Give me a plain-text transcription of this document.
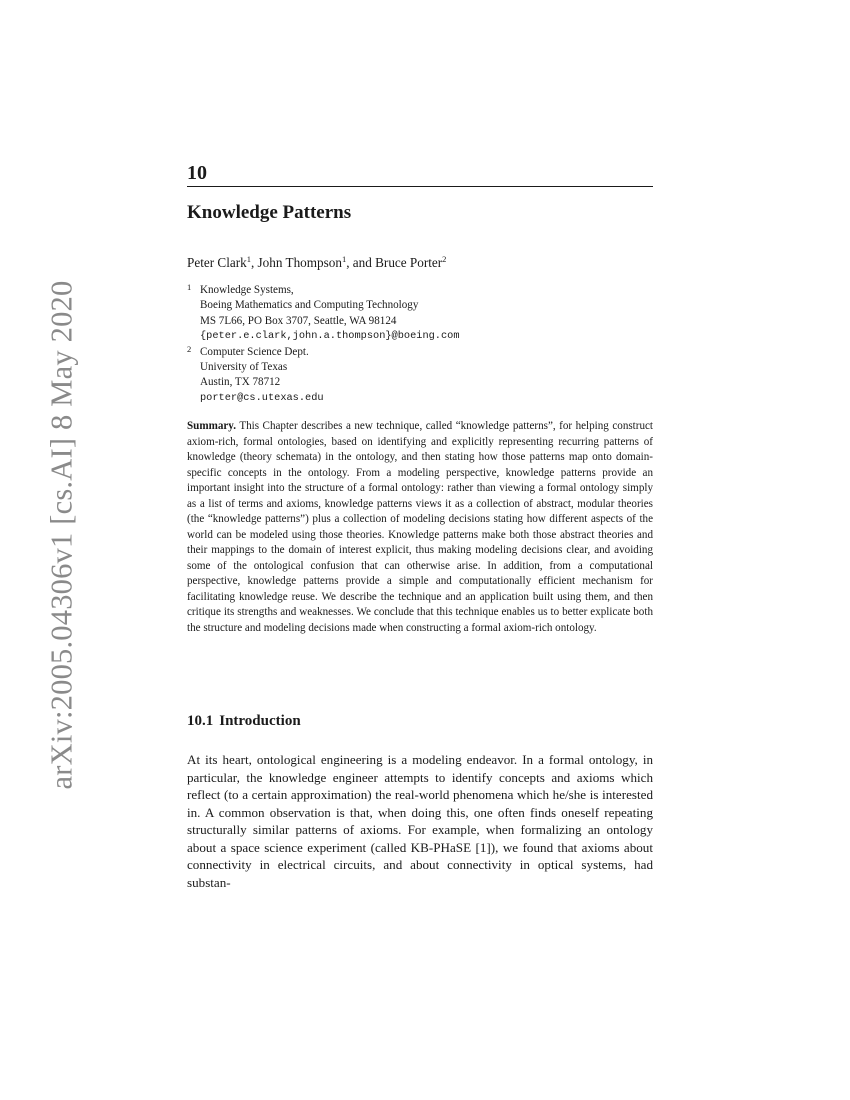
arXiv:2005.04306v1 [cs.AI] 8 May 2020
10
Knowledge Patterns
Peter Clark$^1$, John Thompson$^1$, and Bruce Porter$^2$
1 Knowledge Systems,
Boeing Mathematics and Computing Technology
MS 7L66, PO Box 3707, Seattle, WA 98124
{peter.e.clark,john.a.thompson}@boeing.com
2 Computer Science Dept.
University of Texas
Austin, TX 78712
porter@cs.utexas.edu
Summary. This Chapter describes a new technique, called “knowledge patterns”, for helping construct axiom-rich, formal ontologies, based on identifying and explicitly representing recurring patterns of knowledge (theory schemata) in the ontology, and then stating how those patterns map onto domain-specific concepts in the ontology. From a modeling perspective, knowledge patterns provide an important insight into the structure of a formal ontology: rather than viewing a formal ontology simply as a list of terms and axioms, knowledge patterns views it as a collection of abstract, modular theories (the “knowledge patterns”) plus a collection of modeling decisions stating how different aspects of the world can be modeled using those theories. Knowledge patterns make both those abstract theories and their mappings to the domain of interest explicit, thus making modeling decisions clear, and avoiding some of the ontological confusion that can otherwise arise. In addition, from a computational perspective, knowledge patterns provide a simple and computationally efficient mechanism for facilitating knowledge reuse. We describe the technique and an application built using them, and then critique its strengths and weaknesses. We conclude that this technique enables us to better explicate both the structure and modeling decisions made when constructing a formal axiom-rich ontology.
10.1 Introduction

At its heart, ontological engineering is a modeling endeavor. In a formal ontology, in particular, the knowledge engineer attempts to identify concepts and axioms which reflect (to a certain approximation) the real-world phenomena which he/she is interested in. A common observation is that, when doing this, one often finds oneself repeating structurally similar patterns of axioms. For example, when formalizing an ontology about a space science experiment (called KB-PHaSE [1]), we found that axioms about connectivity in electrical circuits, and about connectivity in optical systems, had substan-
